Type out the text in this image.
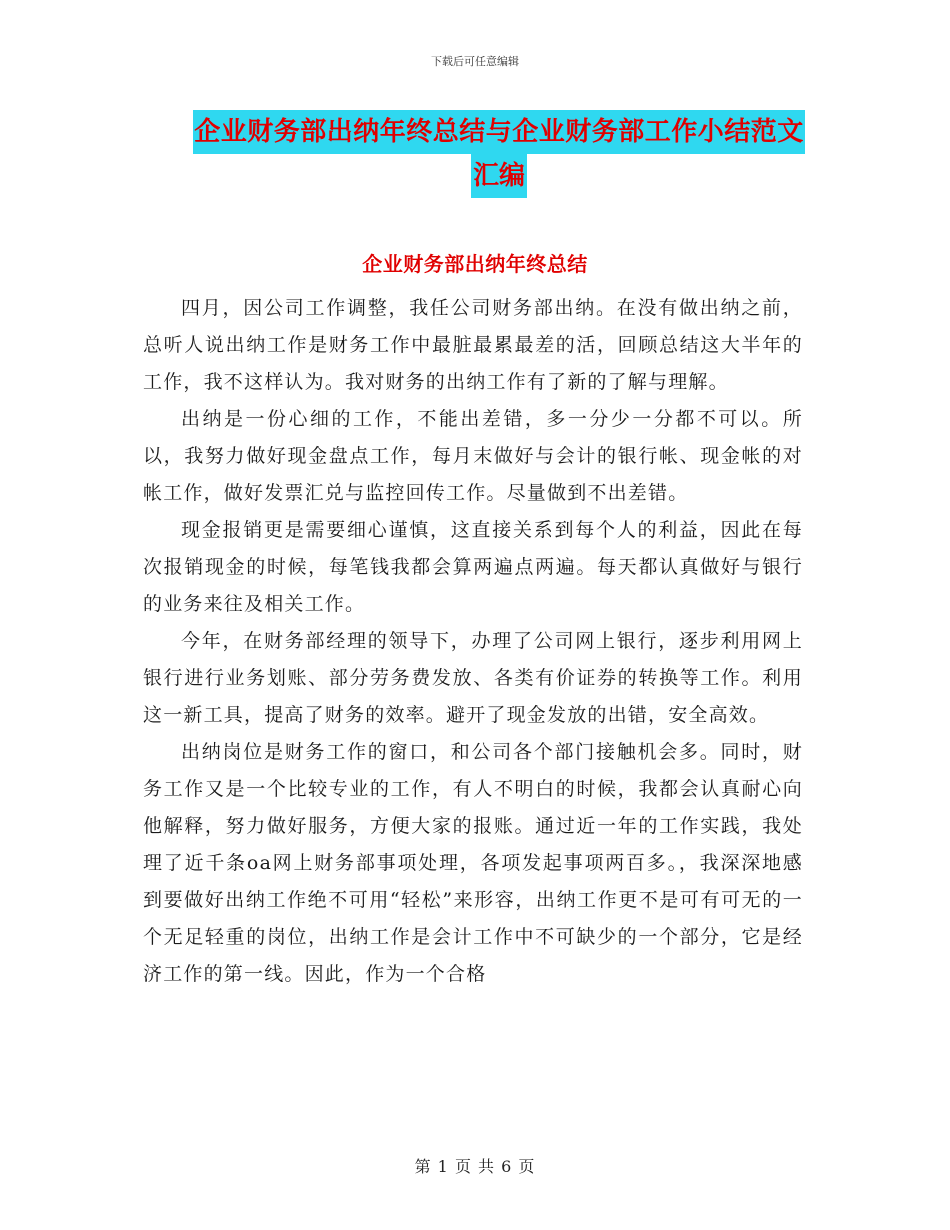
下载后可任意编辑
企业财务部出纳年终总结与企业财务部工作小结范文
汇编
企业财务部出纳年终总结

四月，因公司工作调整，我任公司财务部出纳。在没有做出纳之前，总听人说出纳工作是财务工作中最脏最累最差的活，回顾总结这大半年的工作，我不这样认为。我对财务的出纳工作有了新的了解与理解。

出纳是一份心细的工作，不能出差错，多一分少一分都不可以。所以，我努力做好现金盘点工作，每月末做好与会计的银行帐、现金帐的对帐工作，做好发票汇兑与监控回传工作。尽量做到不出差错。

现金报销更是需要细心谨慎，这直接关系到每个人的利益，因此在每次报销现金的时候，每笔钱我都会算两遍点两遍。每天都认真做好与银行的业务来往及相关工作。

今年，在财务部经理的领导下，办理了公司网上银行，逐步利用网上银行进行业务划账、部分劳务费发放、各类有价证券的转换等工作。利用这一新工具，提高了财务的效率。避开了现金发放的出错，安全高效。

出纳岗位是财务工作的窗口，和公司各个部门接触机会多。同时，财务工作又是一个比较专业的工作，有人不明白的时候，我都会认真耐心向他解释，努力做好服务，方便大家的报账。通过近一年的工作实践，我处理了近千条oa网上财务部事项处理，各项发起事项两百多。，我深深地感到要做好出纳工作绝不可用“轻松”来形容，出纳工作更不是可有可无的一个无足轻重的岗位，出纳工作是会计工作中不可缺少的一个部分，它是经济工作的第一线。因此，作为一个合格

第 1 页 共 6 页
